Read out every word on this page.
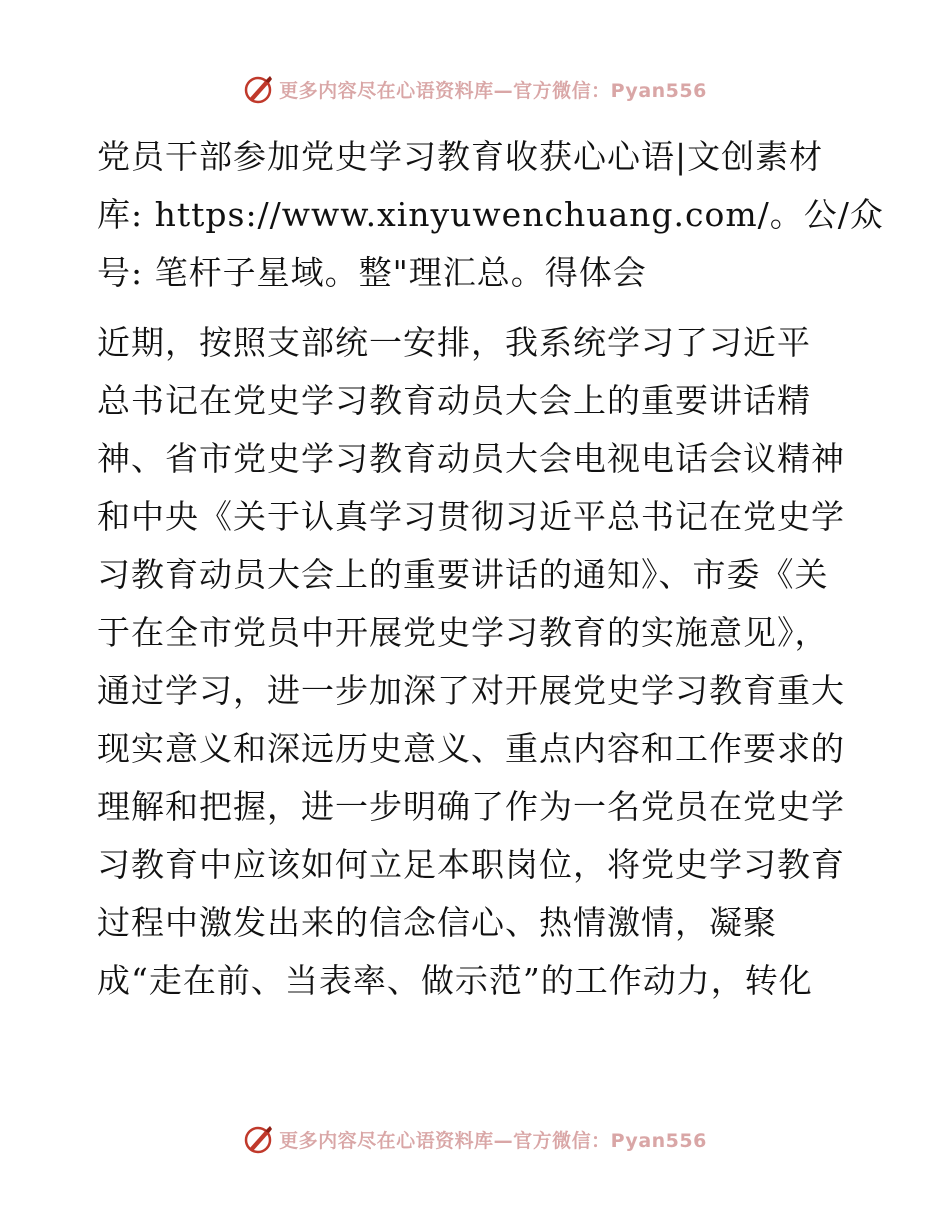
更多内容尽在心语资料库—官方微信：Pyan556
党员干部参加党史学习教育收获心心语|文创素材
库: https://www.xinyuwenchuang.com/。公/众
号: 笔杆子星域。整"理汇总。得体会
近期，按照支部统一安排，我系统学习了习近平
总书记在党史学习教育动员大会上的重要讲话精
神、省市党史学习教育动员大会电视电话会议精神
和中央《关于认真学习贯彻习近平总书记在党史学
习教育动员大会上的重要讲话的通知》、市委《关
于在全市党员中开展党史学习教育的实施意见》，
通过学习，进一步加深了对开展党史学习教育重大
现实意义和深远历史意义、重点内容和工作要求的
理解和把握，进一步明确了作为一名党员在党史学
习教育中应该如何立足本职岗位，将党史学习教育
过程中激发出来的信念信心、热情激情，凝聚
成“走在前、当表率、做示范”的工作动力，转化
更多内容尽在心语资料库—官方微信：Pyan556
